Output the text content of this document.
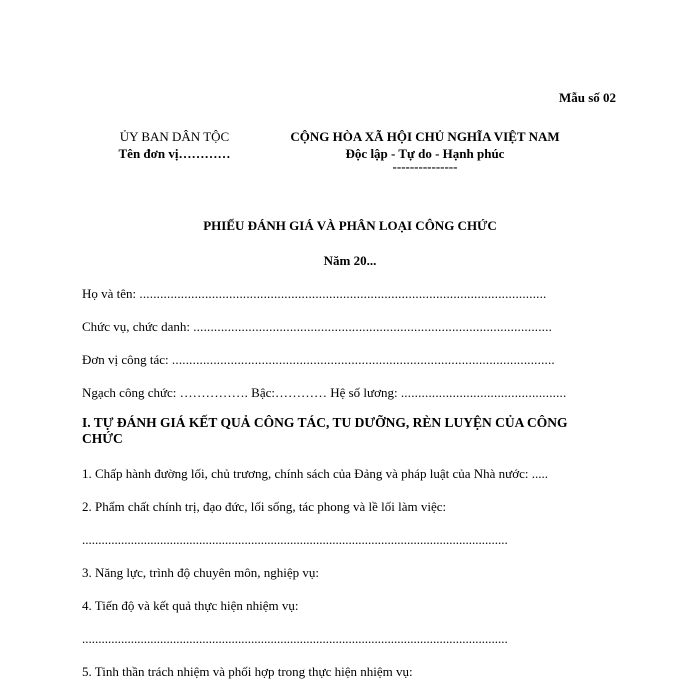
Mẫu số 02
ỦY BAN DÂN TỘC
Tên đơn vị…………
CỘNG HÒA XÃ HỘI CHỦ NGHĨA VIỆT NAM
Độc lập - Tự do - Hạnh phúc
---------------
PHIẾU ĐÁNH GIÁ VÀ PHÂN LOẠI CÔNG CHỨC
Năm 20...
Họ và tên: ......................................................................................................................
Chức vụ, chức danh: ........................................................................................................
Đơn vị công tác: ...............................................................................................................
Ngạch công chức: ……………. Bậc:………… Hệ số lương: ................................................
I. TỰ ĐÁNH GIÁ KẾT QUẢ CÔNG TÁC, TU DƯỠNG, RÈN LUYỆN CỦA CÔNG CHỨC
1. Chấp hành đường lối, chủ trương, chính sách của Đảng và pháp luật của Nhà nước: .....
2. Phẩm chất chính trị, đạo đức, lối sống, tác phong và lề lối làm việc:
...................................................................................................................................
3. Năng lực, trình độ chuyên môn, nghiệp vụ:
4. Tiến độ và kết quả thực hiện nhiệm vụ:
...................................................................................................................................
5. Tinh thần trách nhiệm và phối hợp trong thực hiện nhiệm vụ:
